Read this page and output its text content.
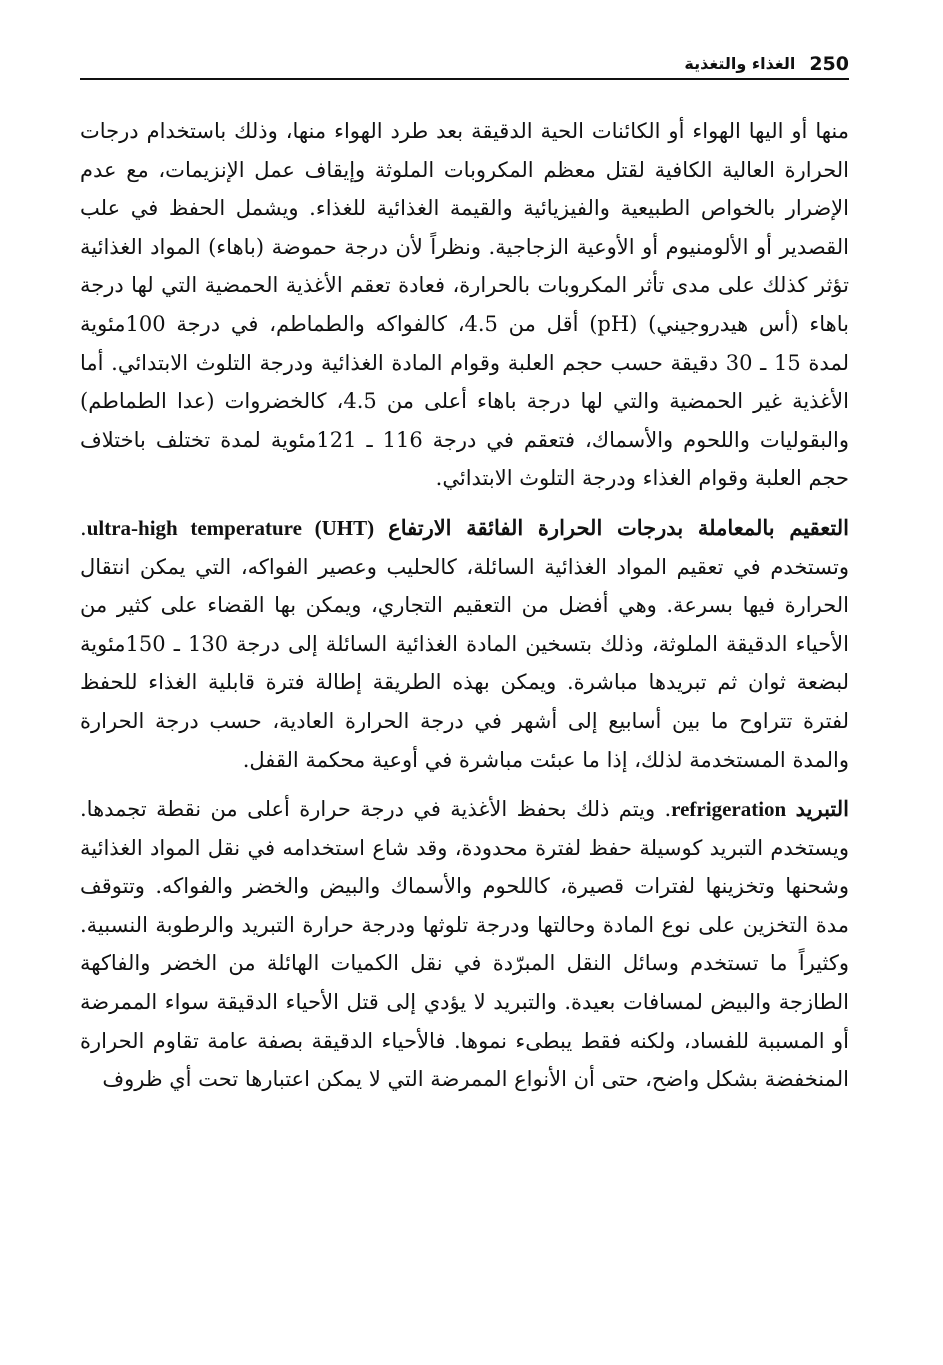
250
الغذاء والتغذية

منها أو اليها الهواء أو الكائنات الحية الدقيقة بعد طرد الهواء منها، وذلك باستخدام درجات الحرارة العالية الكافية لقتل معظم المكروبات الملوثة وإيقاف عمل الإنزيمات، مع عدم الإضرار بالخواص الطبيعية والفيزيائية والقيمة الغذائية للغذاء. ويشمل الحفظ في علب القصدير أو الألومنيوم أو الأوعية الزجاجية. ونظراً لأن درجة حموضة (باهاء) المواد الغذائية تؤثر كذلك على مدى تأثر المكروبات بالحرارة، فعادة تعقم الأغذية الحمضية التي لها درجة باهاء (أس هيدروجيني) (pH) أقل من 4.5، كالفواكه والطماطم، في درجة 100مئوية لمدة 15 ـ 30 دقيقة حسب حجم العلبة وقوام المادة الغذائية ودرجة التلوث الابتدائي. أما الأغذية غير الحمضية والتي لها درجة باهاء أعلى من 4.5، كالخضروات (عدا الطماطم) والبقوليات واللحوم والأسماك، فتعقم في درجة 116 ـ 121مئوية لمدة تختلف باختلاف حجم العلبة وقوام الغذاء ودرجة التلوث الابتدائي.

التعقيم بالمعاملة بدرجات الحرارة الفائقة الارتفاع ultra-high temperature (UHT). وتستخدم في تعقيم المواد الغذائية السائلة، كالحليب وعصير الفواكه، التي يمكن انتقال الحرارة فيها بسرعة. وهي أفضل من التعقيم التجاري، ويمكن بها القضاء على كثير من الأحياء الدقيقة الملوثة، وذلك بتسخين المادة الغذائية السائلة إلى درجة 130 ـ 150مئوية لبضعة ثوان ثم تبريدها مباشرة. ويمكن بهذه الطريقة إطالة فترة قابلية الغذاء للحفظ لفترة تتراوح ما بين أسابيع إلى أشهر في درجة الحرارة العادية، حسب درجة الحرارة والمدة المستخدمة لذلك، إذا ما عبئت مباشرة في أوعية محكمة القفل.

التبريد refrigeration. ويتم ذلك بحفظ الأغذية في درجة حرارة أعلى من نقطة تجمدها. ويستخدم التبريد كوسيلة حفظ لفترة محدودة، وقد شاع استخدامه في نقل المواد الغذائية وشحنها وتخزينها لفترات قصيرة، كاللحوم والأسماك والبيض والخضر والفواكه. وتتوقف مدة التخزين على نوع المادة وحالتها ودرجة تلوثها ودرجة حرارة التبريد والرطوبة النسبية. وكثيراً ما تستخدم وسائل النقل المبرّدة في نقل الكميات الهائلة من الخضر والفاكهة الطازجة والبيض لمسافات بعيدة. والتبريد لا يؤدي إلى قتل الأحياء الدقيقة سواء الممرضة أو المسببة للفساد، ولكنه فقط يبطىء نموها. فالأحياء الدقيقة بصفة عامة تقاوم الحرارة المنخفضة بشكل واضح، حتى أن الأنواع الممرضة التي لا يمكن اعتبارها تحت أي ظروف
